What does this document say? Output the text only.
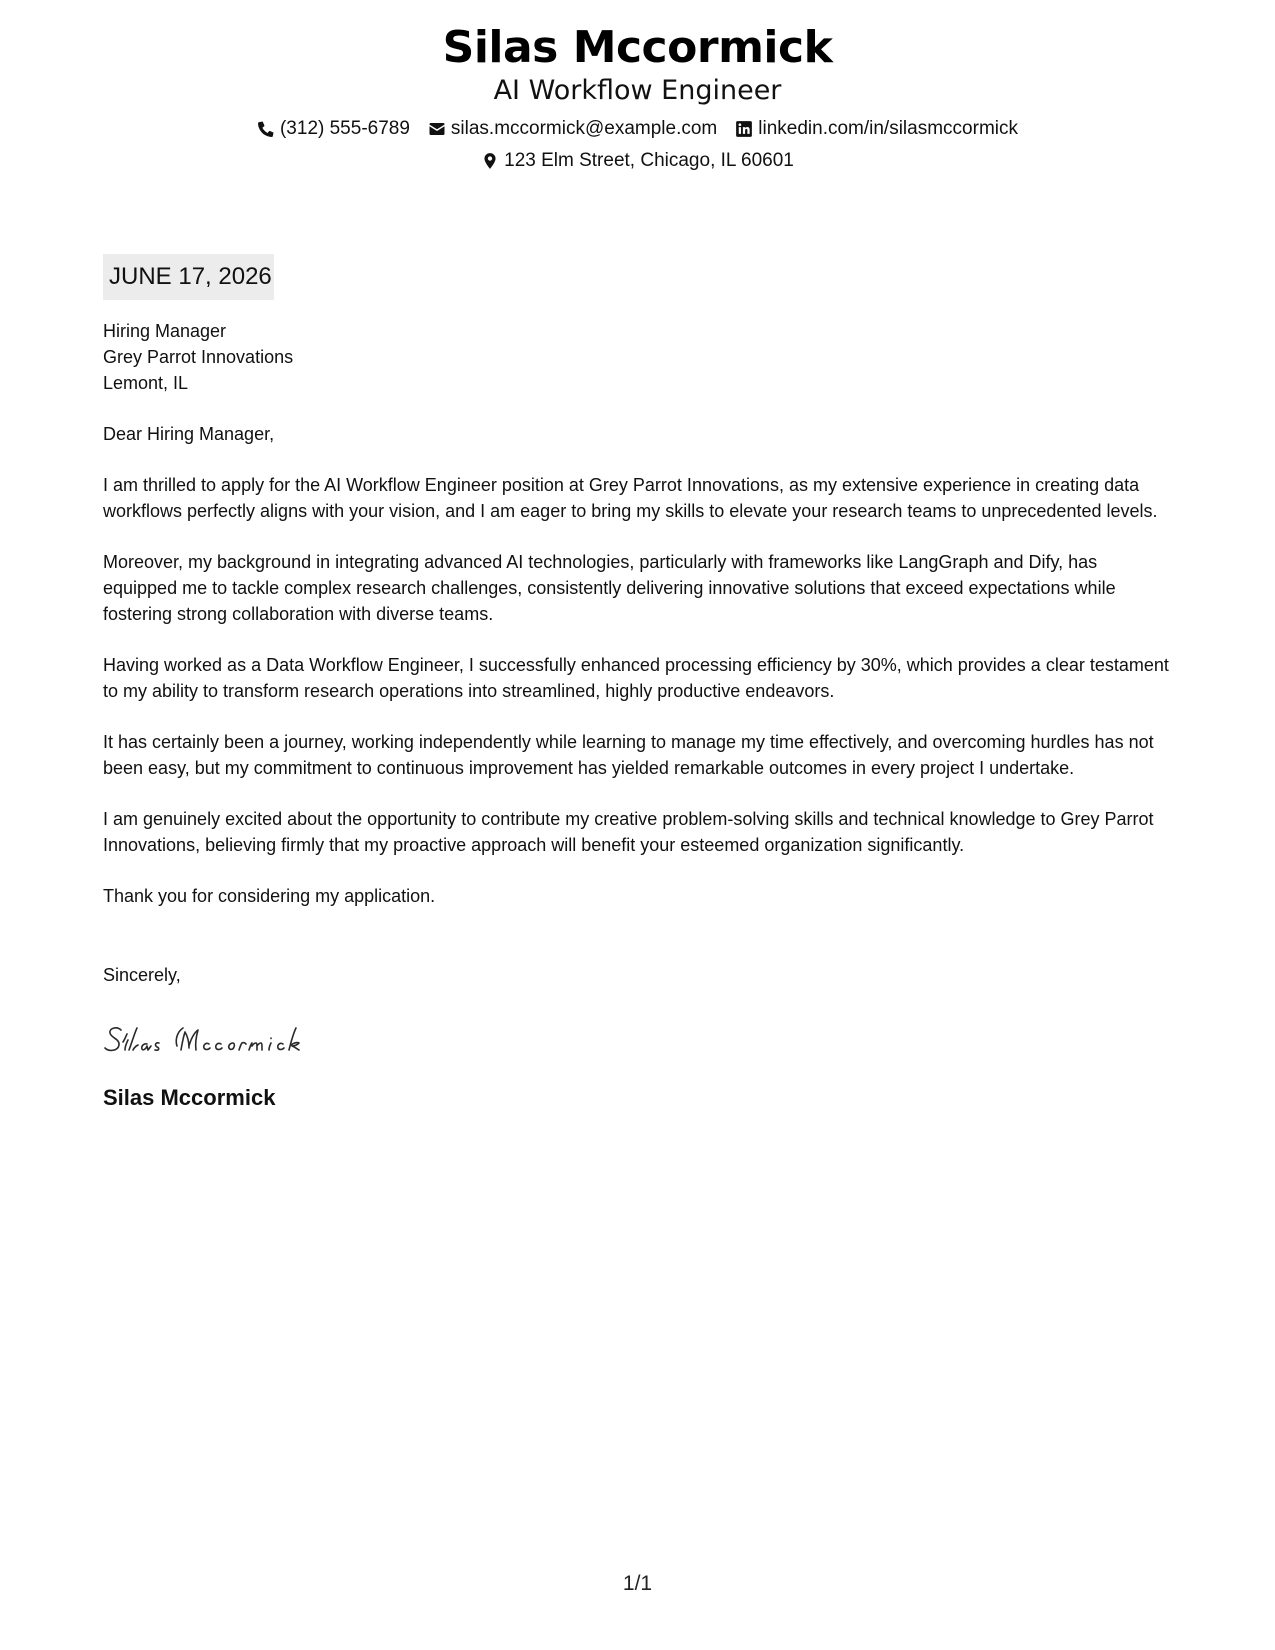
Silas Mccormick
AI Workflow Engineer
(312) 555-6789 silas.mccormick@example.com linkedin.com/in/silasmccormick
123 Elm Street, Chicago, IL 60601
JUNE 17, 2026
Hiring Manager
Grey Parrot Innovations
Lemont, IL
Dear Hiring Manager,
I am thrilled to apply for the AI Workflow Engineer position at Grey Parrot Innovations, as my extensive experience in creating data workflows perfectly aligns with your vision, and I am eager to bring my skills to elevate your research teams to unprecedented levels.
Moreover, my background in integrating advanced AI technologies, particularly with frameworks like LangGraph and Dify, has equipped me to tackle complex research challenges, consistently delivering innovative solutions that exceed expectations while fostering strong collaboration with diverse teams.
Having worked as a Data Workflow Engineer, I successfully enhanced processing efficiency by 30%, which provides a clear testament to my ability to transform research operations into streamlined, highly productive endeavors.
It has certainly been a journey, working independently while learning to manage my time effectively, and overcoming hurdles has not been easy, but my commitment to continuous improvement has yielded remarkable outcomes in every project I undertake.
I am genuinely excited about the opportunity to contribute my creative problem-solving skills and technical knowledge to Grey Parrot Innovations, believing firmly that my proactive approach will benefit your esteemed organization significantly.
Thank you for considering my application.
Sincerely,
Silas Mccormick
1/1
